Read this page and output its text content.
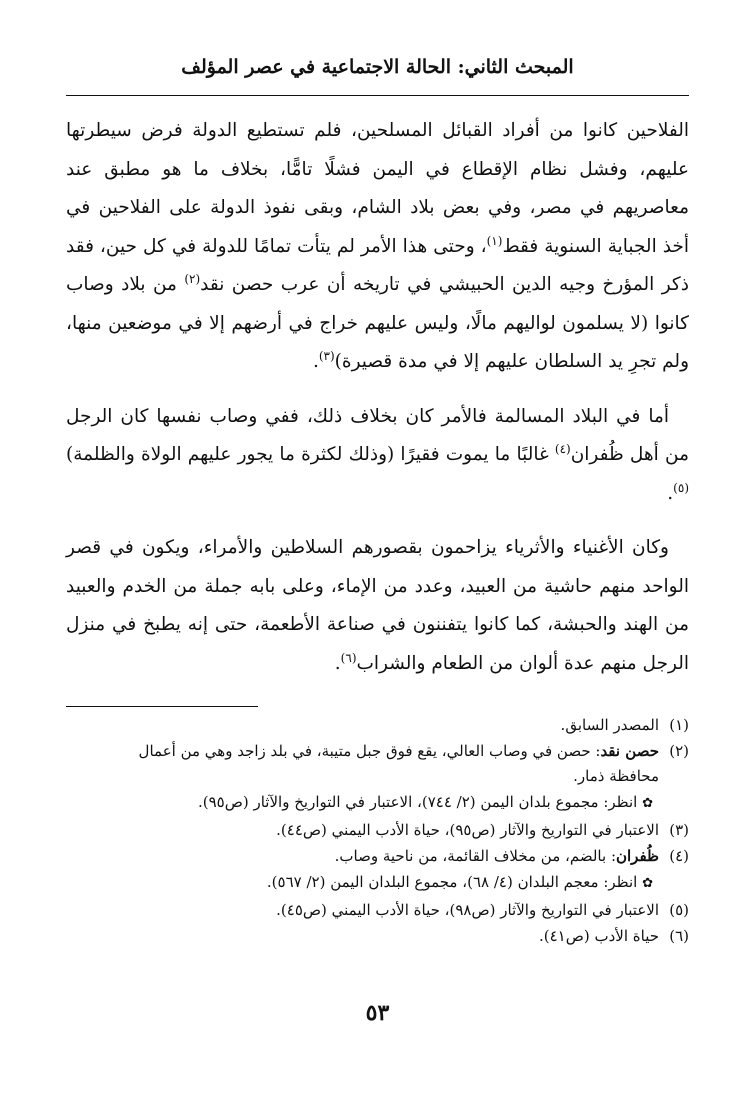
المبحث الثاني: الحالة الاجتماعية في عصر المؤلف

الفلاحين كانوا من أفراد القبائل المسلحين، فلم تستطيع الدولة فرض سيطرتها عليهم، وفشل نظام الإقطاع في اليمن فشلًا تامًّا، بخلاف ما هو مطبق عند معاصريهم في مصر، وفي بعض بلاد الشام، وبقى نفوذ الدولة على الفلاحين في أخذ الجباية السنوية فقط$^{(١)}$، وحتى هذا الأمر لم يتأت تمامًا للدولة في كل حين، فقد ذكر المؤرخ وجيه الدين الحبيشي في تاريخه أن عرب حصن نقد$^{(٢)}$ من بلاد وصاب كانوا (لا يسلمون لواليهم مالًا، وليس عليهم خراج في أرضهم إلا في موضعين منها، ولم تجرِ يد السلطان عليهم إلا في مدة قصيرة)$^{(٣)}$.

أما في البلاد المسالمة فالأمر كان بخلاف ذلك، ففي وصاب نفسها كان الرجل من أهل ظُفران$^{(٤)}$ غالبًا ما يموت فقيرًا (وذلك لكثرة ما يجور عليهم الولاة والظلمة)$^{(٥)}$.

وكان الأغنياء والأثرياء يزاحمون بقصورهم السلاطين والأمراء، ويكون في قصر الواحد منهم حاشية من العبيد، وعدد من الإماء، وعلى بابه جملة من الخدم والعبيد من الهند والحبشة، كما كانوا يتفننون في صناعة الأطعمة، حتى إنه يطبخ في منزل الرجل منهم عدة ألوان من الطعام والشراب$^{(٦)}$.

(١)المصدر السابق.

(٢)حصن نقد: حصن في وصاب العالي، يقع فوق جبل متيبة، في بلد زاجد وهي من أعمال

محافظة ذمار.

✿ انظر: مجموع بلدان اليمن (٢/ ٧٤٤)، الاعتبار في التواريخ والآثار (ص٩٥).

(٣)الاعتبار في التواريخ والآثار (ص٩٥)، حياة الأدب اليمني (ص٤٤).

(٤)ظُفران: بالضم، من مخلاف القائمة، من ناحية وصاب.

✿ انظر: معجم البلدان (٤/ ٦٨)، مجموع البلدان اليمن (٢/ ٥٦٧).

(٥)الاعتبار في التواريخ والآثار (ص٩٨)، حياة الأدب اليمني (ص٤٥).

(٦)حياة الأدب (ص٤١).

٥٣
